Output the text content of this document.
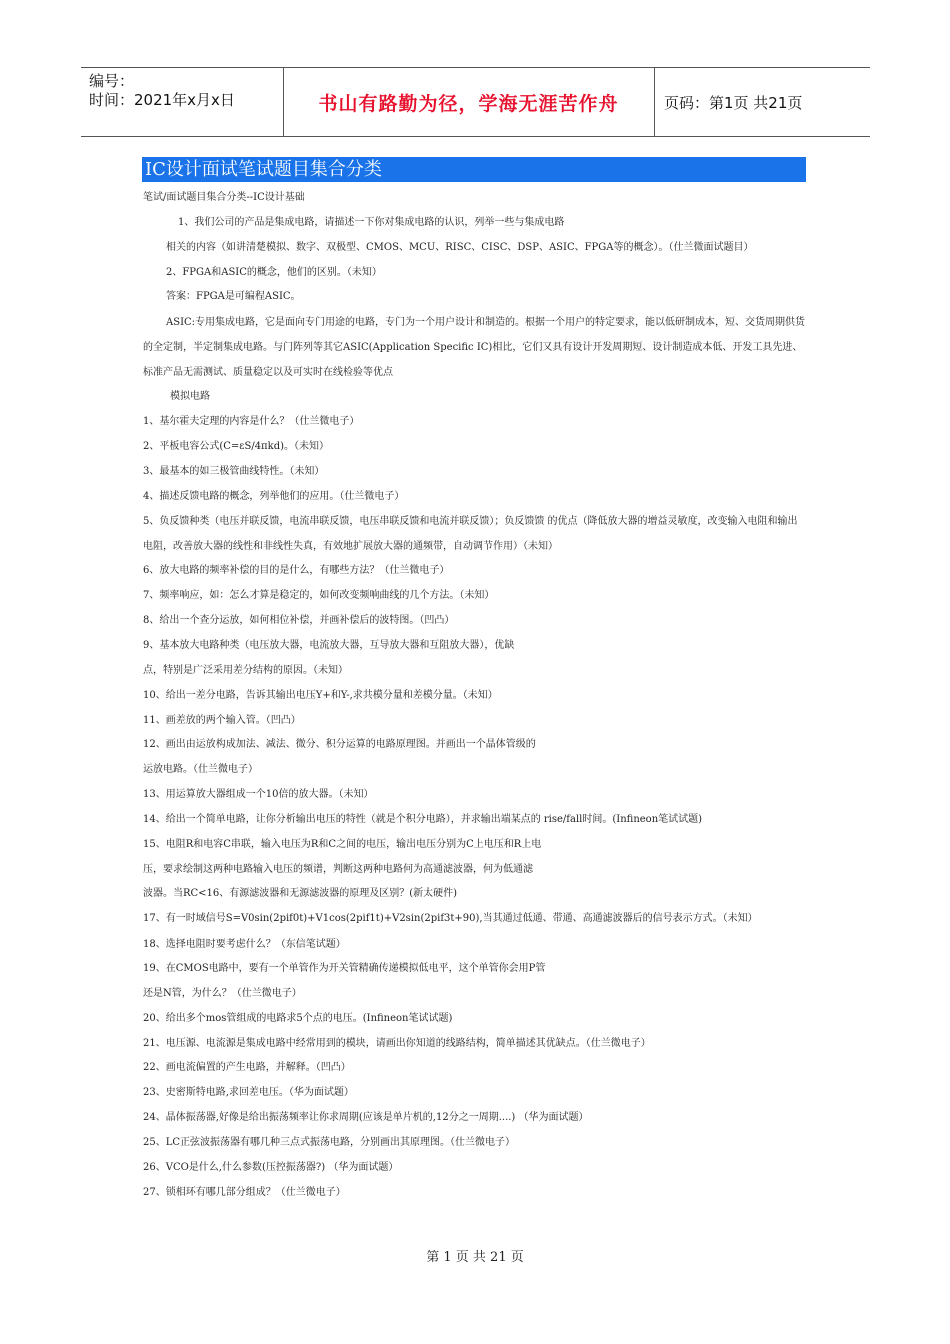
编号：
时间：2021年x月x日	书山有路勤为径，学海无涯苦作舟	页码：第1页 共21页
IC设计面试笔试题目集合分类
笔试/面试题目集合分类--IC设计基础
1、我们公司的产品是集成电路，请描述一下你对集成电路的认识，列举一些与集成电路
相关的内容（如讲清楚模拟、数字、双极型、CMOS、MCU、RISC、CISC、DSP、ASIC、FPGA等的概念）。（仕兰微面试题目）
2、FPGA和ASIC的概念，他们的区别。（未知）
答案：FPGA是可编程ASIC。
ASIC:专用集成电路，它是面向专门用途的电路，专门为一个用户设计和制造的。根据一个用户的特定要求，能以低研制成本，短、交货周期供货的全定制，半定制集成电路。与门阵列等其它ASIC(Application Specific IC)相比，它们又具有设计开发周期短、设计制造成本低、开发工具先进、标准产品无需测试、质量稳定以及可实时在线检验等优点
模拟电路
1、基尔霍夫定理的内容是什么？（仕兰微电子）
2、平板电容公式(C=εS/4πkd)。（未知）
3、最基本的如三极管曲线特性。（未知）
4、描述反馈电路的概念，列举他们的应用。（仕兰微电子）
5、负反馈种类（电压并联反馈，电流串联反馈，电压串联反馈和电流并联反馈）；负反馈馈 的优点（降低放大器的增益灵敏度，改变输入电阻和输出电阻，改善放大器的线性和非线性失真，有效地扩展放大器的通频带，自动调节作用）（未知）
6、放大电路的频率补偿的目的是什么，有哪些方法？（仕兰微电子）
7、频率响应，如：怎么才算是稳定的，如何改变频响曲线的几个方法。（未知）
8、给出一个查分运放，如何相位补偿，并画补偿后的波特图。（凹凸）
9、基本放大电路种类（电压放大器，电流放大器，互导放大器和互阻放大器），优缺
点，特别是广泛采用差分结构的原因。（未知）
10、给出一差分电路，告诉其输出电压Y+和Y-,求共模分量和差模分量。（未知）
11、画差放的两个输入管。（凹凸）
12、画出由运放构成加法、减法、微分、积分运算的电路原理图。并画出一个晶体管级的
运放电路。（仕兰微电子）
13、用运算放大器组成一个10倍的放大器。（未知）
14、给出一个简单电路，让你分析输出电压的特性（就是个积分电路），并求输出端某点的 rise/fall时间。(Infineon笔试试题)
15、电阻R和电容C串联，输入电压为R和C之间的电压，输出电压分别为C上电压和R上电
压，要求绘制这两种电路输入电压的频谱，判断这两种电路何为高通滤波器，何为低通滤
波器。当RC<16、有源滤波器和无源滤波器的原理及区别？(新太硬件)
17、有一时域信号S=V0sin(2pif0t)+V1cos(2pif1t)+V2sin(2pif3t+90),当其通过低通、带通、高通滤波器后的信号表示方式。（未知）
18、选择电阻时要考虑什么？（东信笔试题）
19、在CMOS电路中，要有一个单管作为开关管精确传递模拟低电平，这个单管你会用P管
还是N管，为什么？（仕兰微电子）
20、给出多个mos管组成的电路求5个点的电压。(Infineon笔试试题)
21、电压源、电流源是集成电路中经常用到的模块，请画出你知道的线路结构，简单描述其优缺点。（仕兰微电子）
22、画电流偏置的产生电路，并解释。（凹凸）
23、史密斯特电路,求回差电压。（华为面试题）
24、晶体振荡器,好像是给出振荡频率让你求周期(应该是单片机的,12分之一周期....) （华为面试题）
25、LC正弦波振荡器有哪几种三点式振荡电路，分别画出其原理图。（仕兰微电子）
26、VCO是什么,什么参数(压控振荡器?) （华为面试题）
27、锁相环有哪几部分组成？（仕兰微电子）
第 1 页 共 21 页
